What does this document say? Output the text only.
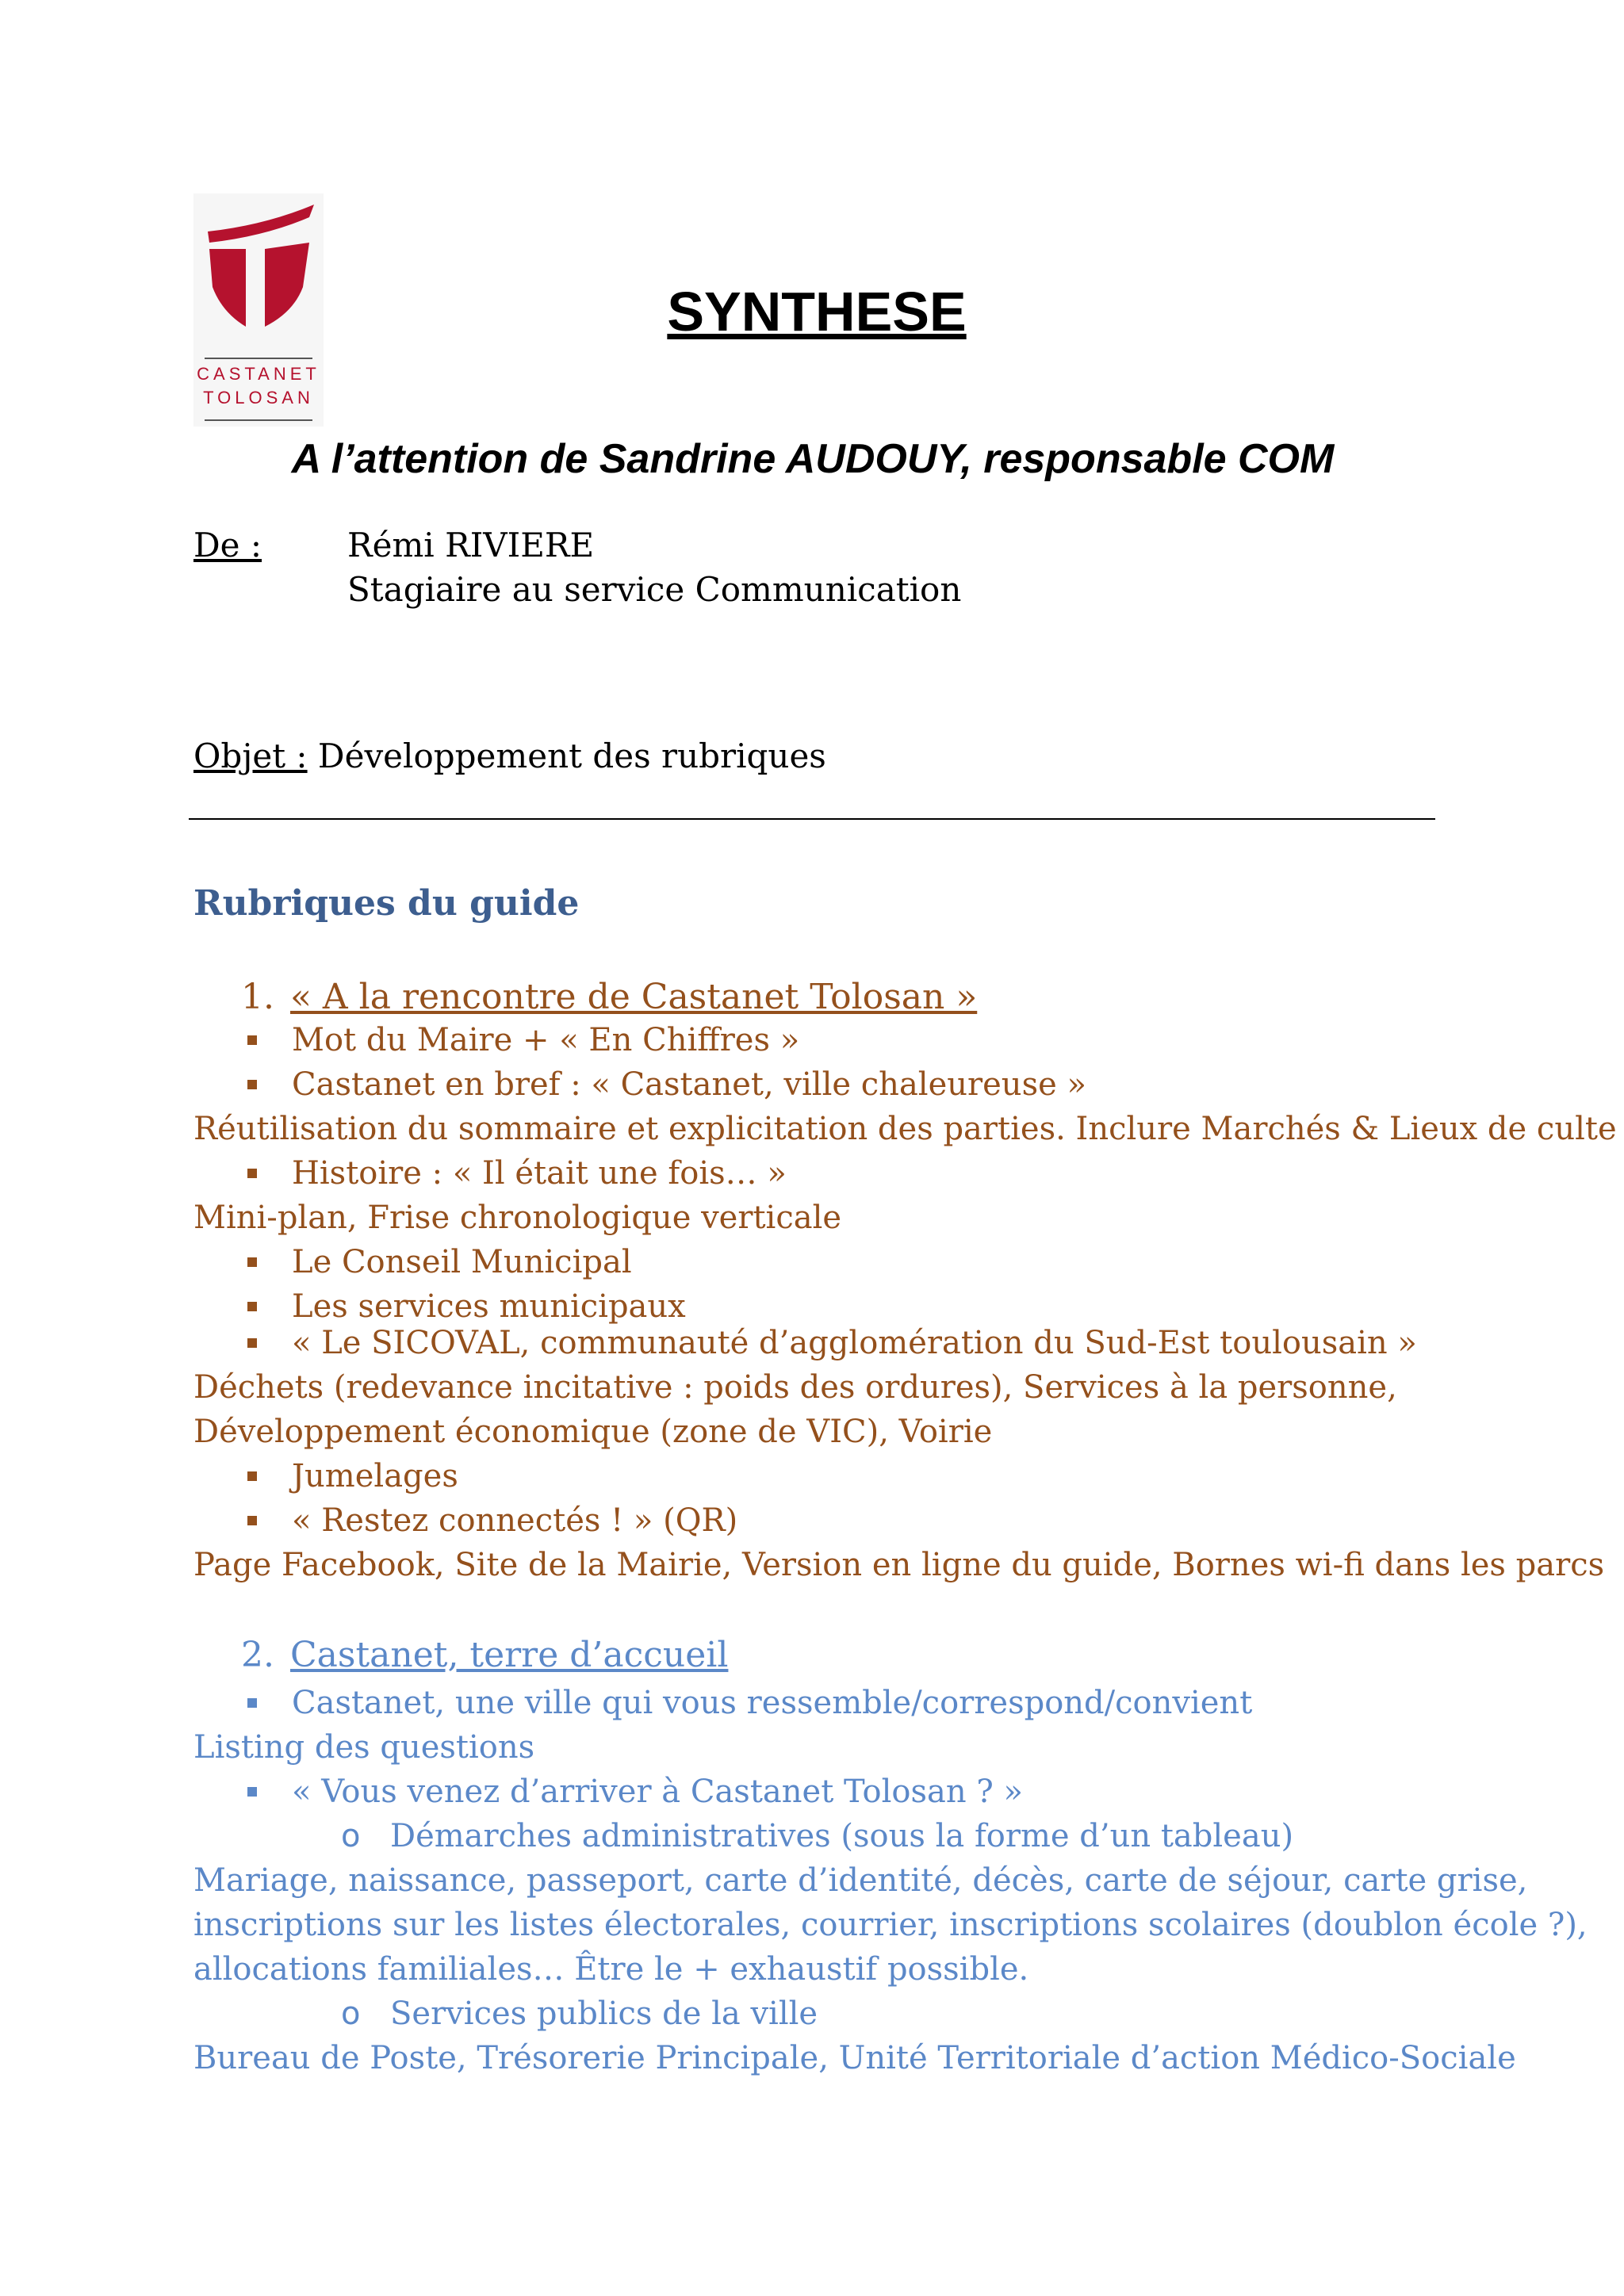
CASTANET
TOLOSAN
SYNTHESE
A l’attention de Sandrine AUDOUY, responsable COM
De :	Rémi RIVIERE
Stagiaire au service Communication
Objet : Développement des rubriques
Rubriques du guide
1. « A la rencontre de Castanet Tolosan »
Mot du Maire + « En Chiffres »
Castanet en bref : « Castanet, ville chaleureuse »
Réutilisation du sommaire et explicitation des parties. Inclure Marchés & Lieux de culte
Histoire : « Il était une fois… »
Mini-plan, Frise chronologique verticale
Le Conseil Municipal
Les services municipaux
« Le SICOVAL, communauté d’agglomération du Sud-Est toulousain »
Déchets (redevance incitative : poids des ordures), Services à la personne,
Développement économique (zone de VIC), Voirie
Jumelages
« Restez connectés ! » (QR)
Page Facebook, Site de la Mairie, Version en ligne du guide, Bornes wi-fi dans les parcs
2. Castanet, terre d’accueil
Castanet, une ville qui vous ressemble/correspond/convient
Listing des questions
« Vous venez d’arriver à Castanet Tolosan ? »
o Démarches administratives (sous la forme d’un tableau)
Mariage, naissance, passeport, carte d’identité, décès, carte de séjour, carte grise,
inscriptions sur les listes électorales, courrier, inscriptions scolaires (doublon école ?),
allocations familiales… Être le + exhaustif possible.
o Services publics de la ville
Bureau de Poste, Trésorerie Principale, Unité Territoriale d’action Médico-Sociale
